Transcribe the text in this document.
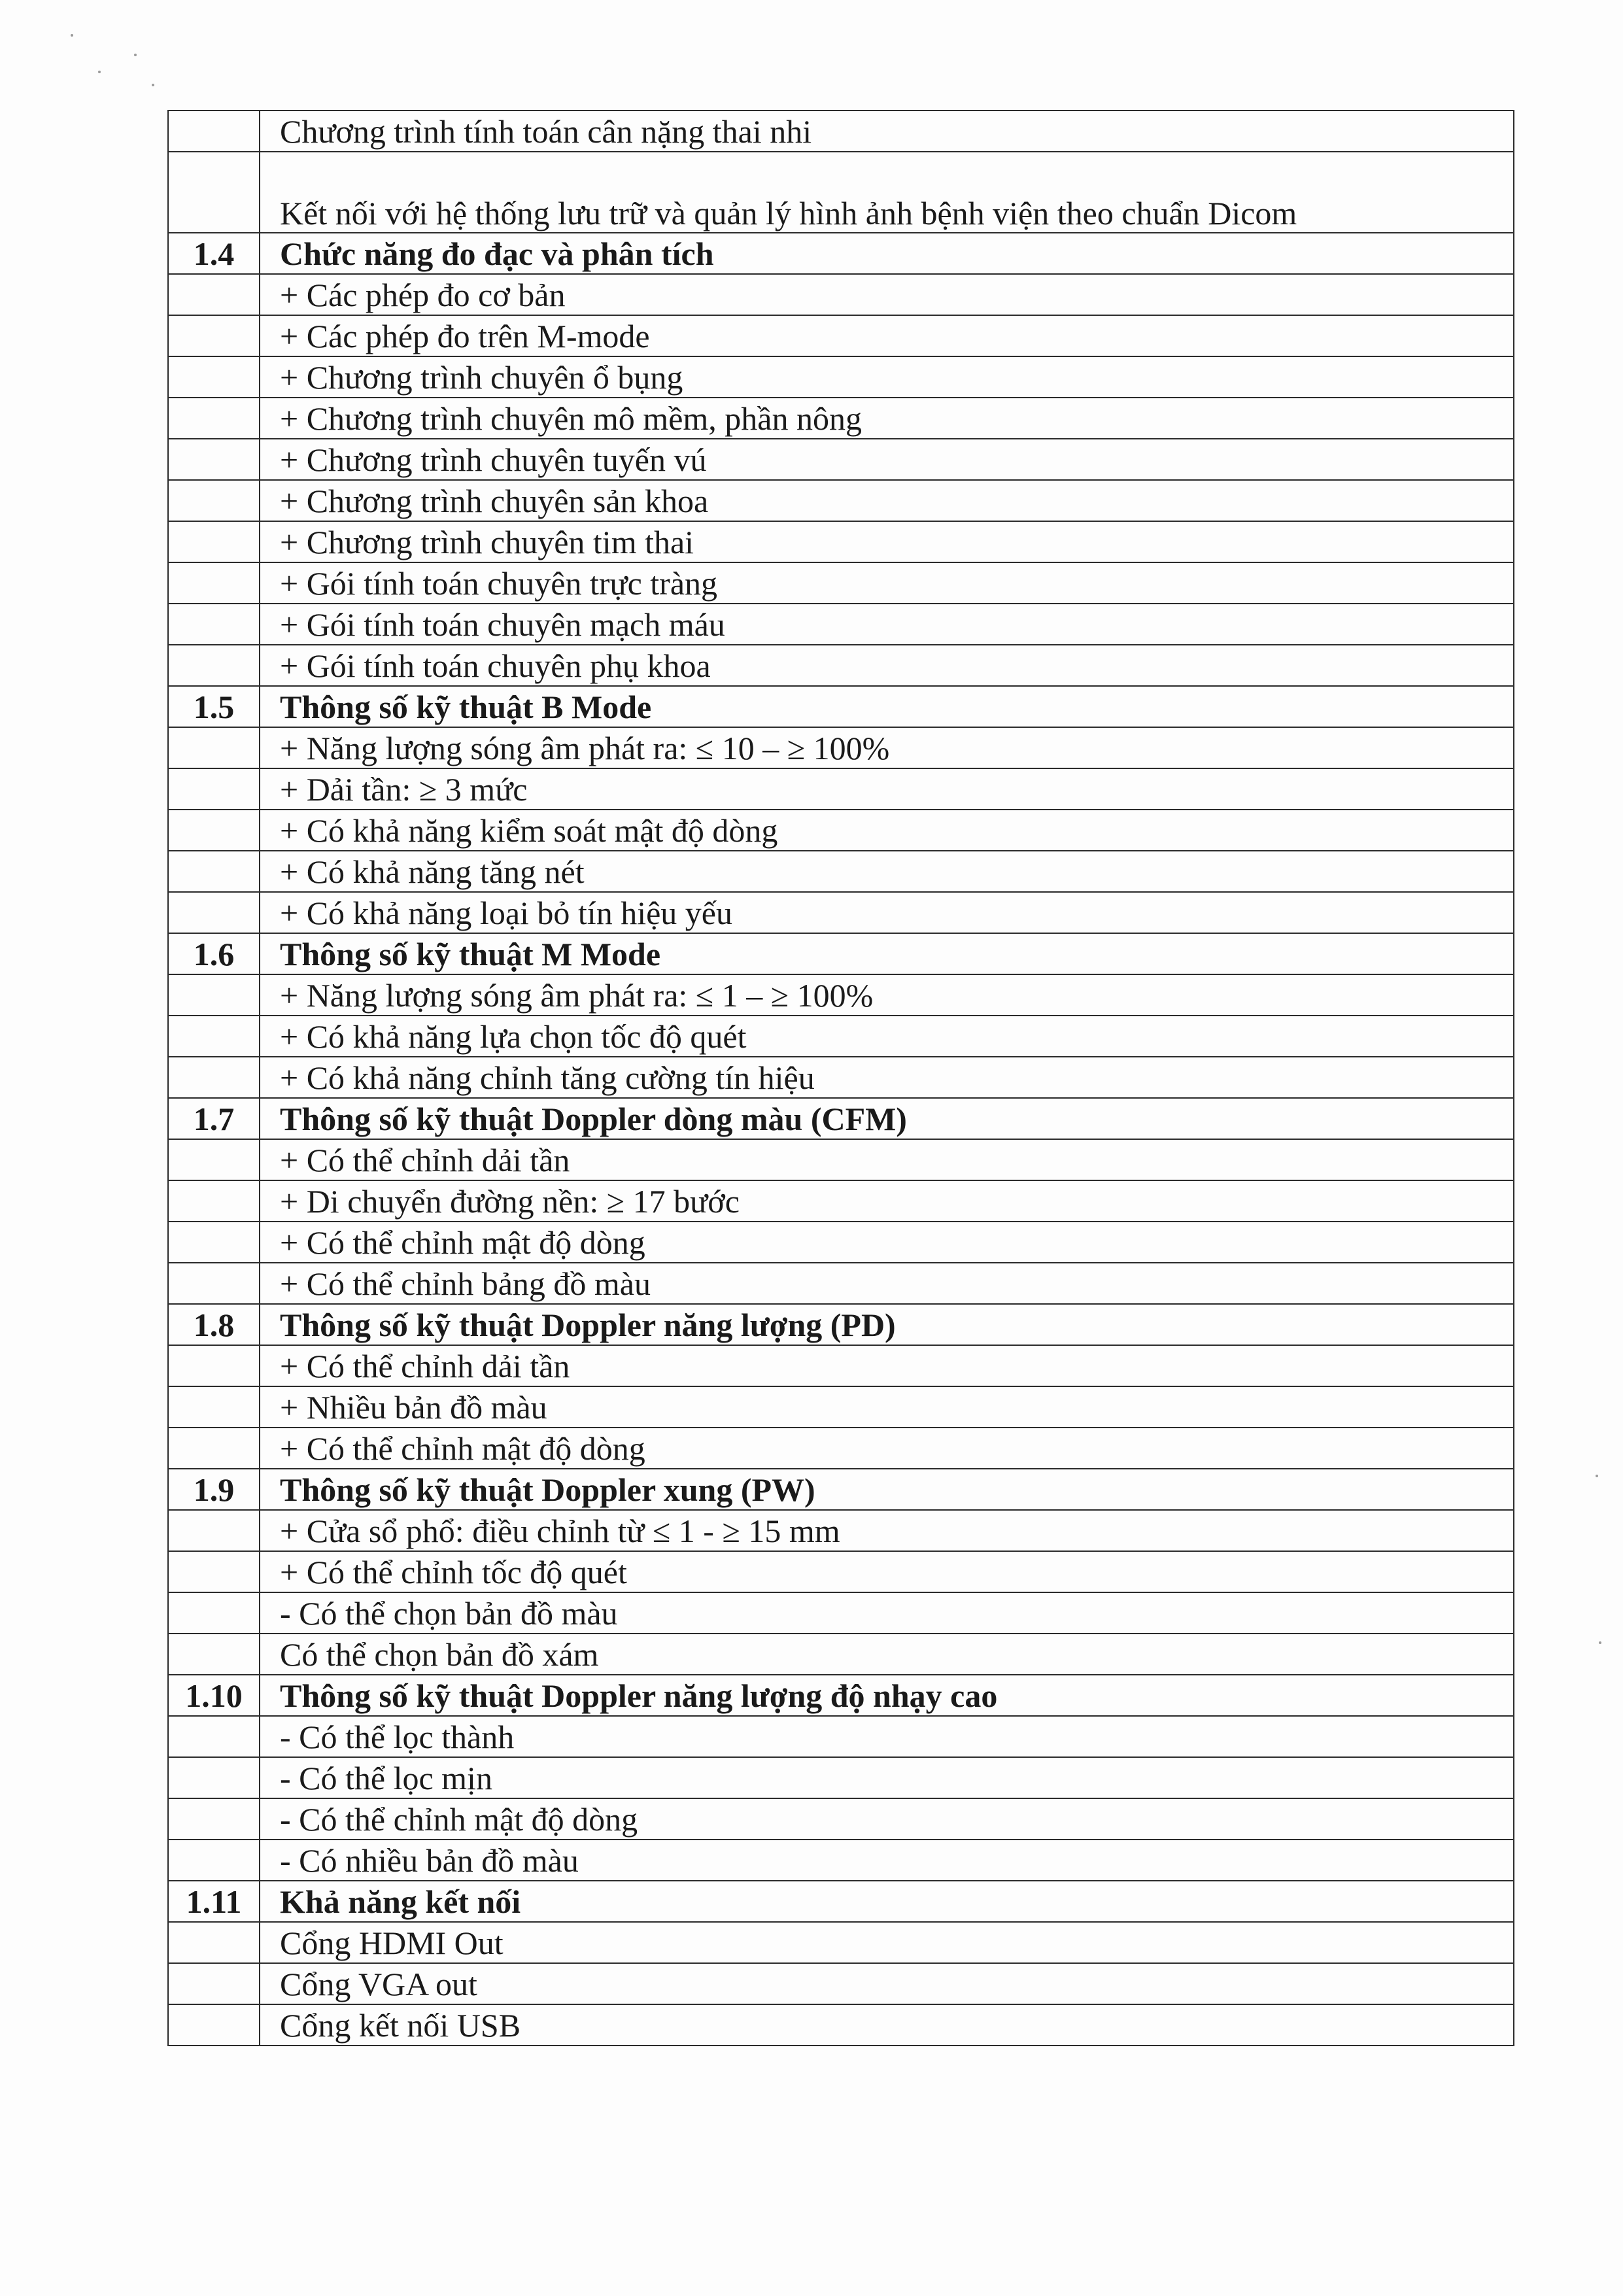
	Chương trình tính toán cân nặng thai nhi
	Kết nối với hệ thống lưu trữ và quản lý hình ảnh bệnh viện theo chuẩn Dicom
1.4	Chức năng đo đạc và phân tích
	+ Các phép đo cơ bản
	+ Các phép đo trên M-mode
	+ Chương trình chuyên ổ bụng
	+ Chương trình chuyên mô mềm, phần nông
	+ Chương trình chuyên tuyến vú
	+ Chương trình chuyên sản khoa
	+ Chương trình chuyên tim thai
	+ Gói tính toán chuyên trực tràng
	+ Gói tính toán chuyên mạch máu
	+ Gói tính toán chuyên phụ khoa
1.5	Thông số kỹ thuật B Mode
	+ Năng lượng sóng âm phát ra: ≤ 10 – ≥ 100%
	+ Dải tần: ≥ 3 mức
	+ Có khả năng kiểm soát mật độ dòng
	+ Có khả năng tăng nét
	+ Có khả năng loại bỏ tín hiệu yếu
1.6	Thông số kỹ thuật M Mode
	+ Năng lượng sóng âm phát ra: ≤ 1 – ≥ 100%
	+ Có khả năng lựa chọn tốc độ quét
	+ Có khả năng chỉnh tăng cường tín hiệu
1.7	Thông số kỹ thuật Doppler dòng màu (CFM)
	+ Có thể chỉnh dải tần
	+ Di chuyển đường nền: ≥ 17 bước
	+ Có thể chỉnh mật độ dòng
	+ Có thể chỉnh bảng đồ màu
1.8	Thông số kỹ thuật Doppler năng lượng (PD)
	+ Có thể chỉnh dải tần
	+ Nhiều bản đồ màu
	+ Có thể chỉnh mật độ dòng
1.9	Thông số kỹ thuật Doppler xung (PW)
	+ Cửa sổ phổ: điều chỉnh từ ≤ 1 - ≥ 15 mm
	+ Có thể chỉnh tốc độ quét
	- Có thể chọn bản đồ màu
	Có thể chọn bản đồ xám
1.10	Thông số kỹ thuật Doppler năng lượng độ nhạy cao
	- Có thể lọc thành
	- Có thể lọc mịn
	- Có thể chỉnh mật độ dòng
	- Có nhiều bản đồ màu
1.11	Khả năng kết nối
	Cổng HDMI Out
	Cổng VGA out
	Cổng kết nối USB
